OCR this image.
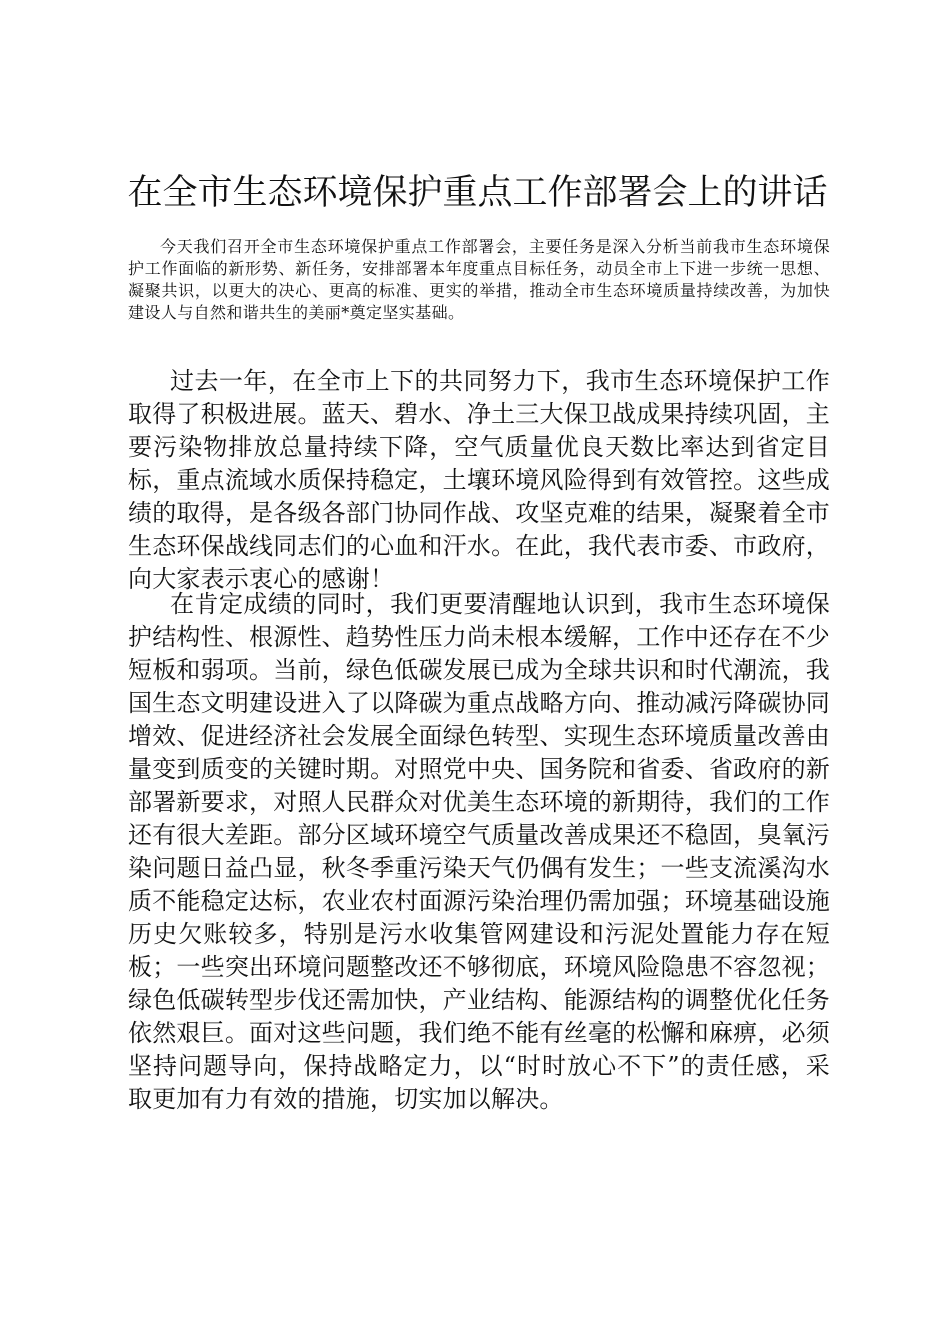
在全市生态环境保护重点工作部署会上的讲话

今天我们召开全市生态环境保护重点工作部署会，主要任务是深入分析当前我市生态环境保护工作面临的新形势、新任务，安排部署本年度重点目标任务，动员全市上下进一步统一思想、凝聚共识，以更大的决心、更高的标准、更实的举措，推动全市生态环境质量持续改善，为加快建设人与自然和谐共生的美丽*奠定坚实基础。

过去一年，在全市上下的共同努力下，我市生态环境保护工作取得了积极进展。蓝天、碧水、净土三大保卫战成果持续巩固，主要污染物排放总量持续下降，空气质量优良天数比率达到省定目标，重点流域水质保持稳定，土壤环境风险得到有效管控。这些成绩的取得，是各级各部门协同作战、攻坚克难的结果，凝聚着全市生态环保战线同志们的心血和汗水。在此，我代表市委、市政府，向大家表示衷心的感谢！

在肯定成绩的同时，我们更要清醒地认识到，我市生态环境保护结构性、根源性、趋势性压力尚未根本缓解，工作中还存在不少短板和弱项。当前，绿色低碳发展已成为全球共识和时代潮流，我国生态文明建设进入了以降碳为重点战略方向、推动减污降碳协同增效、促进经济社会发展全面绿色转型、实现生态环境质量改善由量变到质变的关键时期。对照党中央、国务院和省委、省政府的新部署新要求，对照人民群众对优美生态环境的新期待，我们的工作还有很大差距。部分区域环境空气质量改善成果还不稳固，臭氧污染问题日益凸显，秋冬季重污染天气仍偶有发生；一些支流溪沟水质不能稳定达标，农业农村面源污染治理仍需加强；环境基础设施历史欠账较多，特别是污水收集管网建设和污泥处置能力存在短板；一些突出环境问题整改还不够彻底，环境风险隐患不容忽视；绿色低碳转型步伐还需加快，产业结构、能源结构的调整优化任务依然艰巨。面对这些问题，我们绝不能有丝毫的松懈和麻痹，必须坚持问题导向，保持战略定力，以“时时放心不下”的责任感，采取更加有力有效的措施，切实加以解决。
